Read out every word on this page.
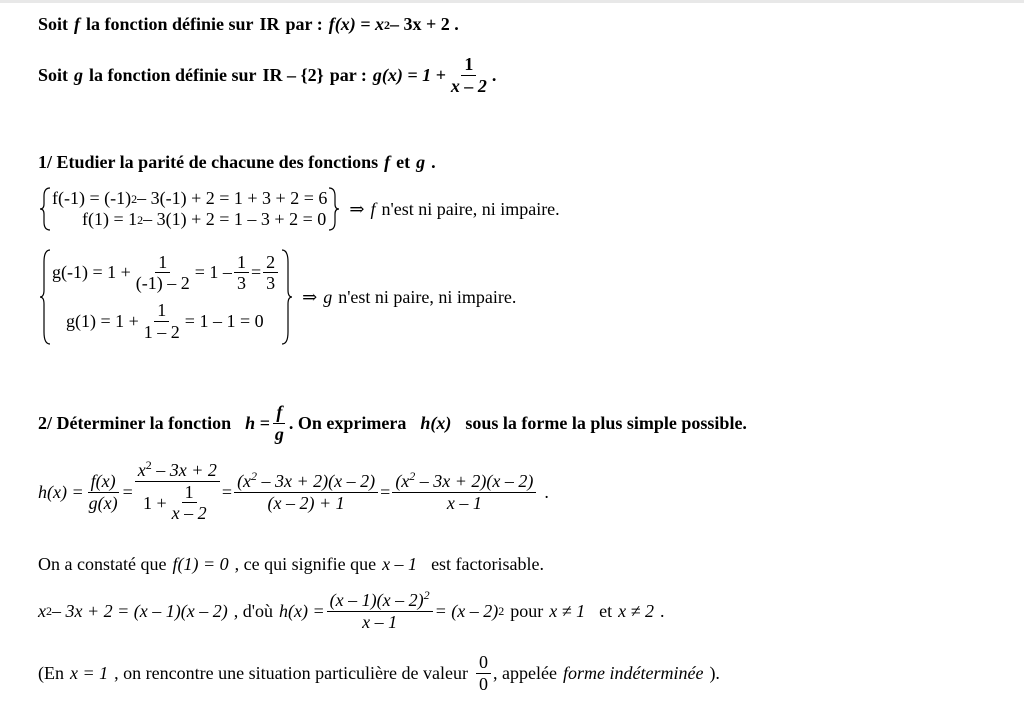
Soit f la fonction définie sur IR par : f(x) = x 2 – 3x + 2 .
Soit g la fonction définie sur IR – {2} par : $g(x) = 1 + \frac{1}{x - 2}$ .
1/ Etudier la parité de chacune des fonctions f et g .
f(-1) = (-1) 2 – 3(-1) + 2 = 1 + 3 + 2 = 6
f(1) = 1 2 – 3(1) + 2 = 1 – 3 + 2 = 0
⇒ f n'est ni paire, ni impaire.
$g(-1) = 1 + \frac{1}{(-1) - 2} = 1 - \frac{1}{3} = \frac{2}{3}$
$g(1) = 1 + \frac{1}{1 - 2} = 1 - 1 = 0$
⇒ g n'est ni paire, ni impaire.
2/ Déterminer la fonction $h = \frac{f}{g}$ . On exprimera h(x) sous la forme la plus simple possible.
$h(x) = \frac{f(x)}{g(x)} = \frac{x^2 - 3x + 2}{1 + \frac{1}{x - 2}} = \frac{(x^2 - 3x + 2)(x - 2)}{(x - 2) + 1} = \frac{(x^2 - 3x + 2)(x - 2)}{x - 1}$ .
On a constaté que f(1) = 0 , ce qui signifie que x – 1 est factorisable.
x 2 – 3x + 2 = (x – 1)(x – 2) , d'où $h(x) = \frac{(x - 1)(x - 2)^2}{x - 1} = (x - 2)$ 2 pour x ≠ 1 et x ≠ 2 .
(En x = 1 , on rencontre une situation particulière de valeur $\frac{0}{0}$ , appelée forme indéterminée ).
